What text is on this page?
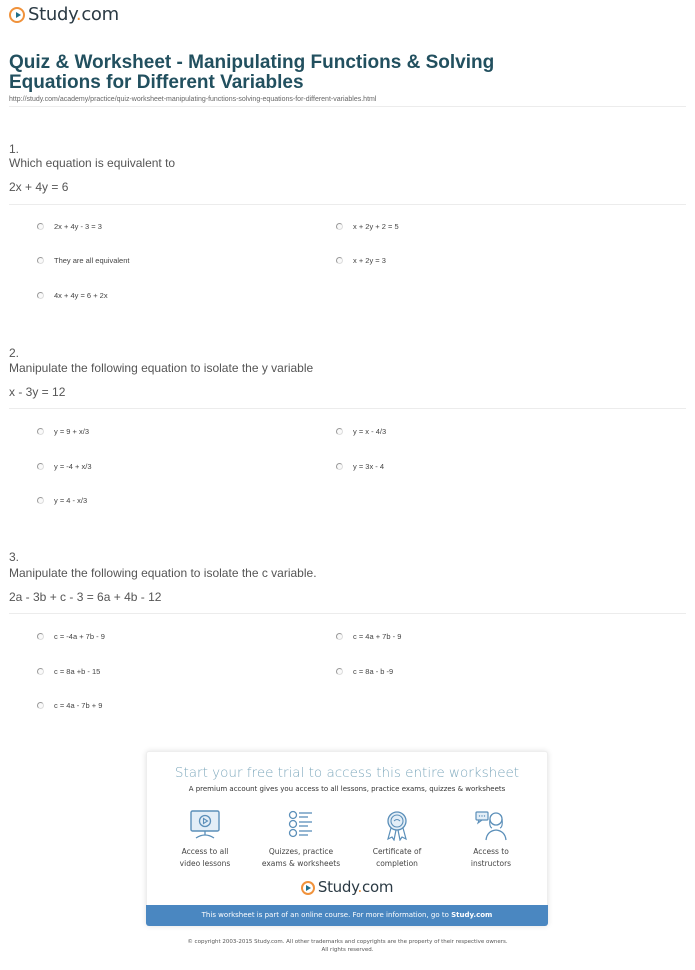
Study.com
Quiz & Worksheet - Manipulating Functions & Solving
Equations for Different Variables
http://study.com/academy/practice/quiz-worksheet-manipulating-functions-solving-equations-for-different-variables.html
1.
Which equation is equivalent to
2x + 4y = 6
2x + 4y - 3 = 3	x + 2y + 2 = 5
They are all equivalent	x + 2y = 3
4x + 4y = 6 + 2x
2.
Manipulate the following equation to isolate the y variable
x - 3y = 12
y = 9 + x/3	y = x - 4/3
y = -4 + x/3	y = 3x - 4
y = 4 - x/3
3.
Manipulate the following equation to isolate the c variable.
2a - 3b + c - 3 = 6a + 4b - 12
c = -4a + 7b - 9	c = 4a + 7b - 9
c = 8a +b - 15	c = 8a - b -9
c = 4a - 7b + 9
Start your free trial to access this entire worksheet
A premium account gives you access to all lessons, practice exams, quizzes & worksheets
Access to all
video lessons
Quizzes, practice
exams & worksheets
Certificate of
completion
Access to
instructors
Study.com
This worksheet is part of an online course. For more information, go to Study.com
© copyright 2003-2015 Study.com. All other trademarks and copyrights are the property of their respective owners.
All rights reserved.
